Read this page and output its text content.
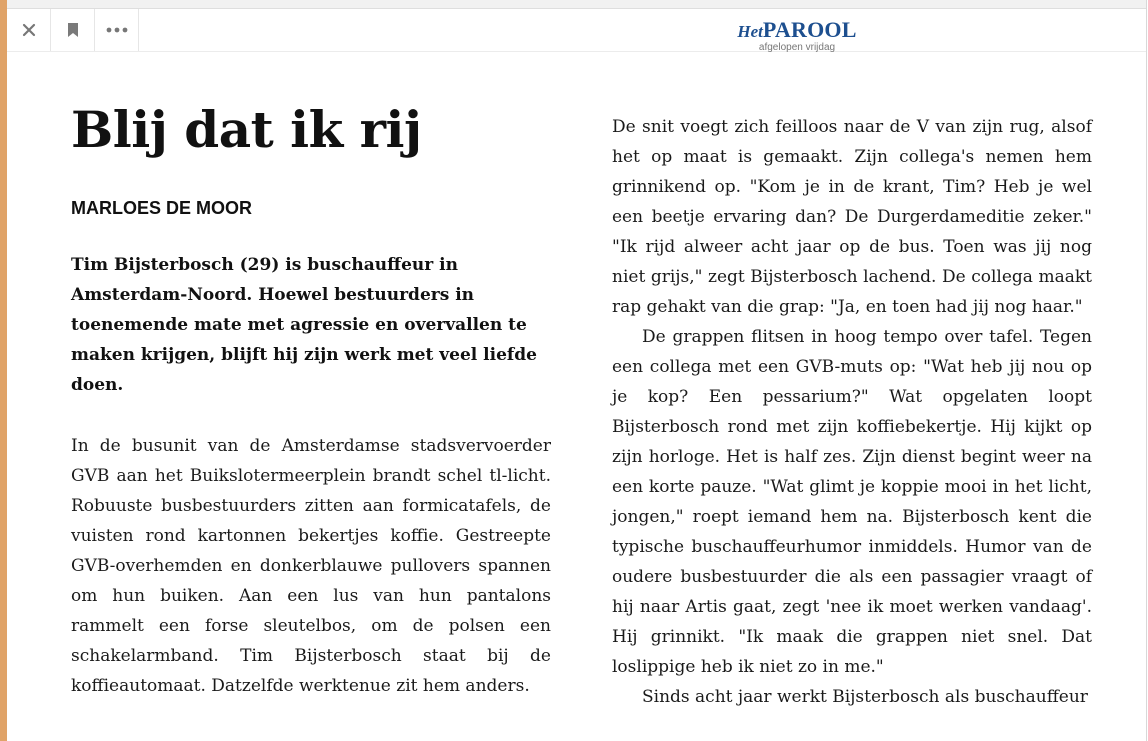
HetPAROOL
afgelopen vrijdag
Blij dat ik rij
MARLOES DE MOOR

Tim Bijsterbosch (29) is buschauffeur in Amsterdam-Noord. Hoewel bestuurders in toenemende mate met agressie en overvallen te maken krijgen, blijft hij zijn werk met veel liefde doen.

In de busunit van de Amsterdamse stadsvervoerder GVB aan het Buikslotermeerplein brandt schel tl-licht. Robuuste busbestuurders zitten aan formicatafels, de vuisten rond kartonnen bekertjes koffie. Gestreepte GVB-overhemden en donkerblauwe pullovers spannen om hun buiken. Aan een lus van hun pantalons rammelt een forse sleutelbos, om de polsen een schakelarmband. Tim Bijsterbosch staat bij de koffieautomaat. Datzelfde werktenue zit hem anders.

De snit voegt zich feilloos naar de V van zijn rug, alsof het op maat is gemaakt. Zijn collega's nemen hem grinnikend op. "Kom je in de krant, Tim? Heb je wel een beetje ervaring dan? De Durgerdameditie zeker." "Ik rijd alweer acht jaar op de bus. Toen was jij nog niet grijs," zegt Bijsterbosch lachend. De collega maakt rap gehakt van die grap: "Ja, en toen had jij nog haar."

De grappen flitsen in hoog tempo over tafel. Tegen een collega met een GVB-muts op: "Wat heb jij nou op je kop? Een pessarium?" Wat opgelaten loopt Bijsterbosch rond met zijn koffiebekertje. Hij kijkt op zijn horloge. Het is half zes. Zijn dienst begint weer na een korte pauze. "Wat glimt je koppie mooi in het licht, jongen," roept iemand hem na. Bijsterbosch kent die typische buschauffeurhumor inmiddels. Humor van de oudere busbestuurder die als een passagier vraagt of hij naar Artis gaat, zegt 'nee ik moet werken vandaag'. Hij grinnikt. "Ik maak die grappen niet snel. Dat loslippige heb ik niet zo in me."

Sinds acht jaar werkt Bijsterbosch als buschauffeur
